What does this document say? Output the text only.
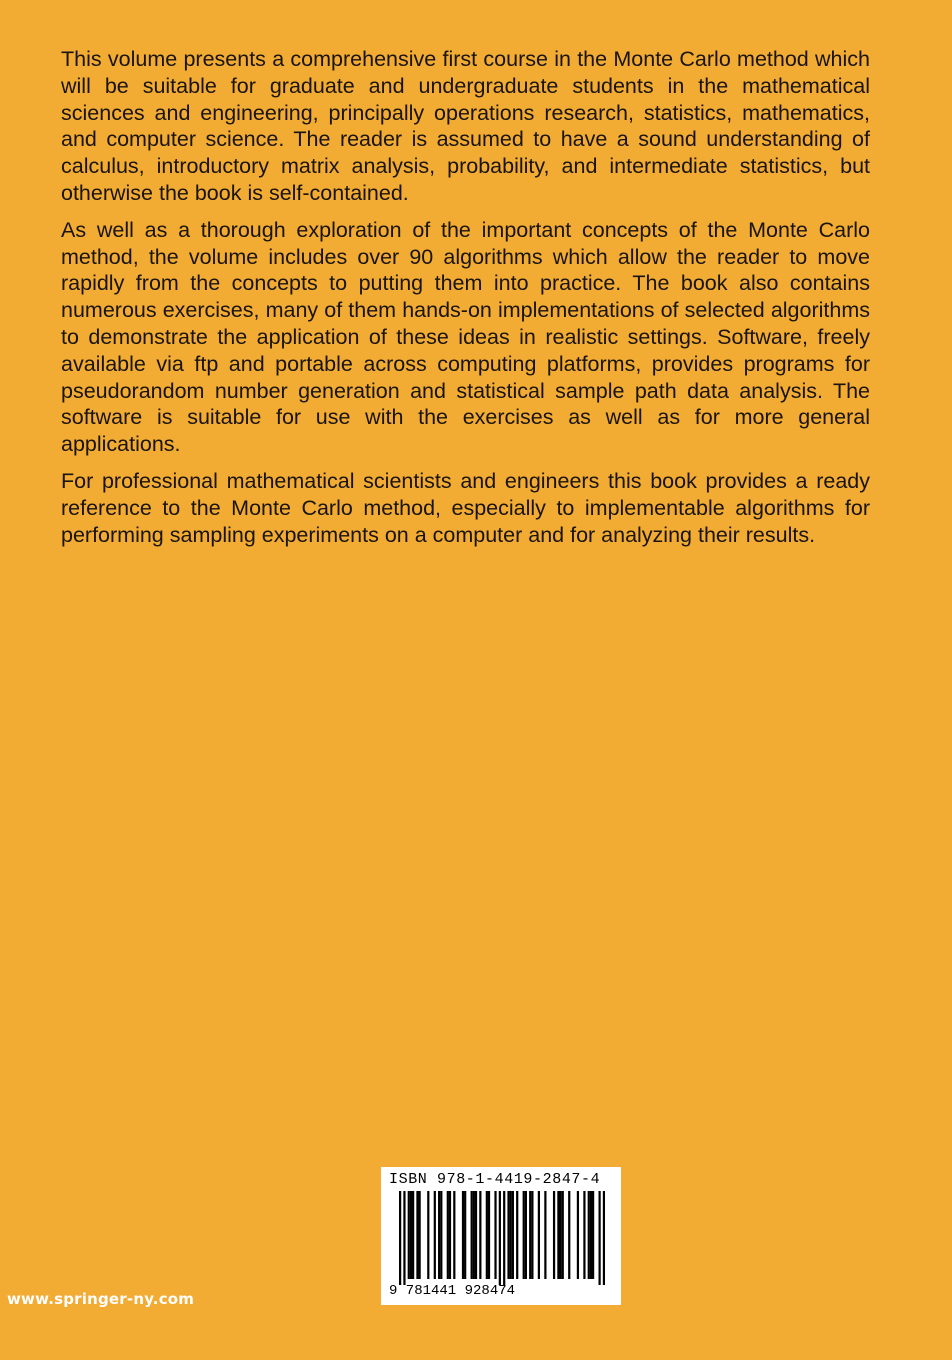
This volume presents a comprehensive first course in the Monte Carlo method which will be suitable for graduate and undergraduate students in the mathematical sciences and engineering, principally operations research, statistics, mathematics, and computer science. The reader is assumed to have a sound understanding of calculus, introductory matrix analysis, probability, and intermediate statistics, but otherwise the book is self-contained.

As well as a thorough exploration of the important concepts of the Monte Carlo method, the volume includes over 90 algorithms which allow the reader to move rapidly from the concepts to putting them into practice. The book also contains numerous exercises, many of them hands-on implementations of selected algorithms to demonstrate the application of these ideas in realistic settings. Software, freely available via ftp and portable across computing platforms, provides programs for pseudorandom number generation and statistical sample path data analysis. The software is suitable for use with the exercises as well as for more general applications.

For professional mathematical scientists and engineers this book provides a ready reference to the Monte Carlo method, especially to implementable algorithms for performing sampling experiments on a computer and for analyzing their results.

ISBN 978-1-4419-2847-4
9 781441 928474
www.springer-ny.com
